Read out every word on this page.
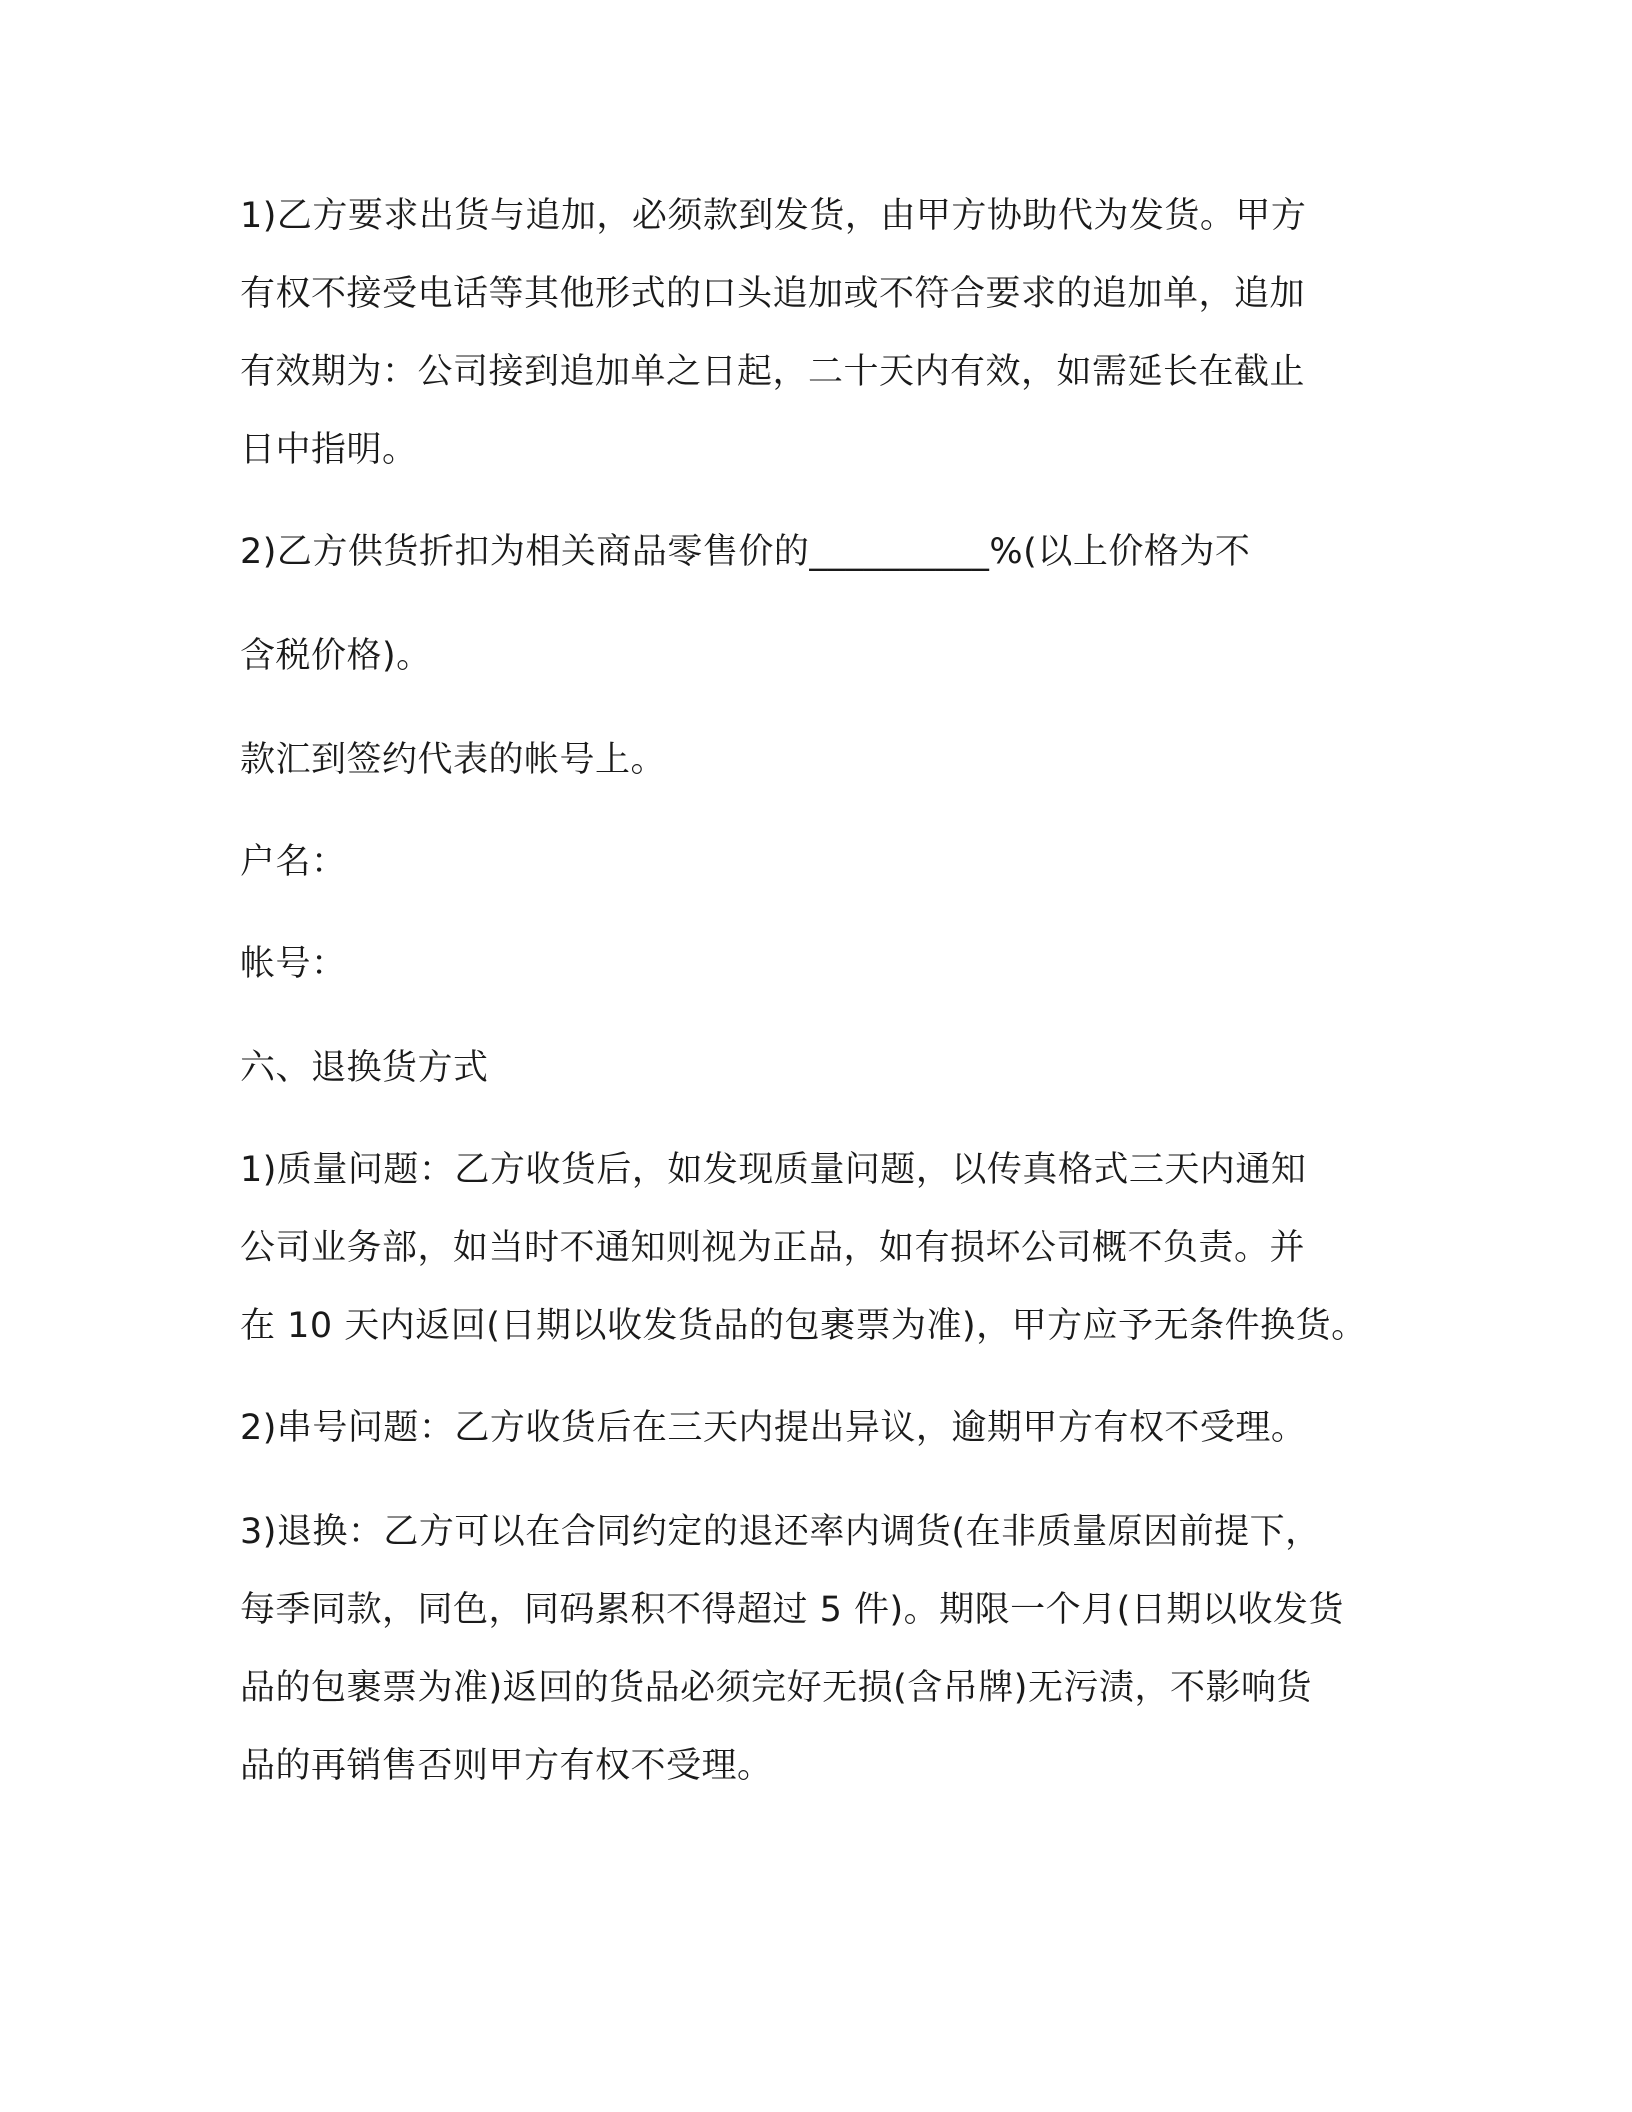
1)乙方要求出货与追加，必须款到发货，由甲方协助代为发货。甲方
有权不接受电话等其他形式的口头追加或不符合要求的追加单，追加
有效期为：公司接到追加单之日起，二十天内有效，如需延长在截止
日中指明。
2)乙方供货折扣为相关商品零售价的__________%(以上价格为不
含税价格)。
款汇到签约代表的帐号上。
户名：
帐号：
六、退换货方式
1)质量问题：乙方收货后，如发现质量问题，以传真格式三天内通知
公司业务部，如当时不通知则视为正品，如有损坏公司概不负责。并
在 10 天内返回(日期以收发货品的包裹票为准)，甲方应予无条件换货。
2)串号问题：乙方收货后在三天内提出异议，逾期甲方有权不受理。
3)退换：乙方可以在合同约定的退还率内调货(在非质量原因前提下，
每季同款，同色，同码累积不得超过 5 件)。期限一个月(日期以收发货
品的包裹票为准)返回的货品必须完好无损(含吊牌)无污渍，不影响货
品的再销售否则甲方有权不受理。
